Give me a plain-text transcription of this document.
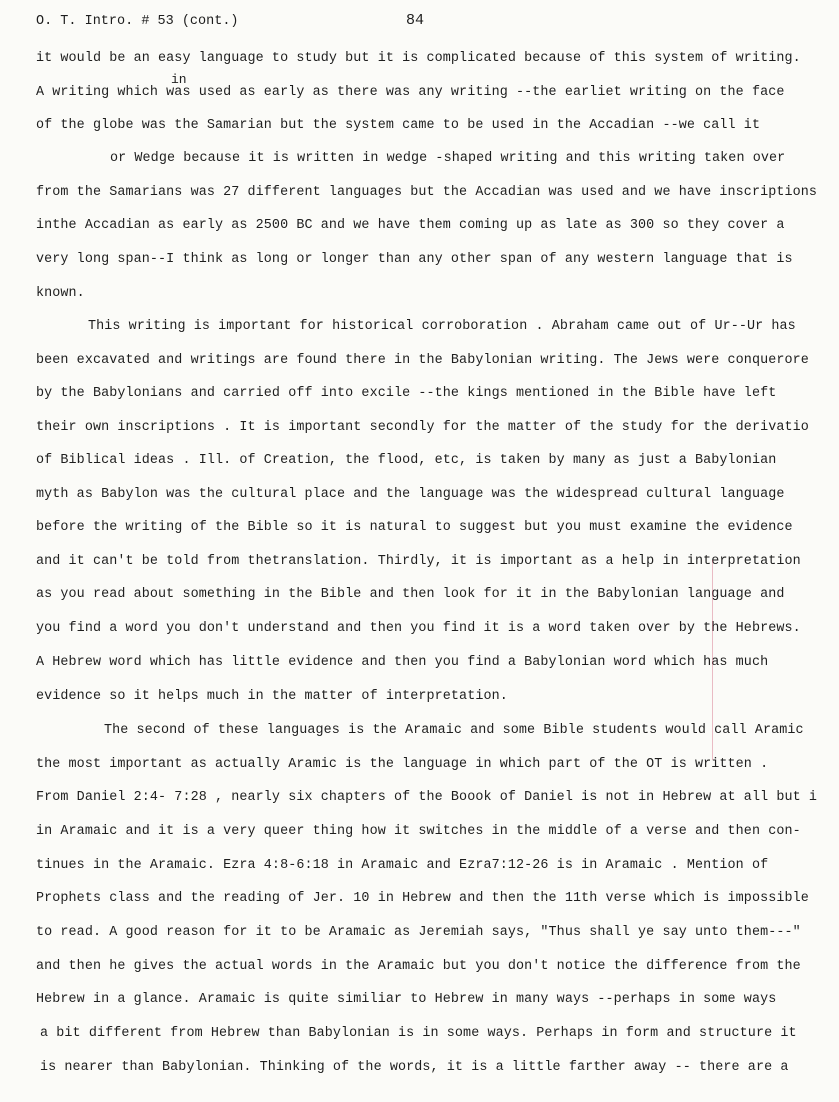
O. T. Intro. # 53 (cont.)	84
in
it would be an easy language to study but it is complicated because of this system of writing.
A writing which was used as early as there was any writing --the earliet writing on the face
of the globe was the Samarian but the system came to be used in the Accadian --we call it
or Wedge because it is written in wedge -shaped writing and this writing taken over
from the Samarians was 27 different languages but the Accadian was used and we have inscriptions
inthe Accadian as early as 2500 BC and we have them coming up as late as 300 so they cover a
very long span--I think as long or longer than any other span of any western language that is
known.
This writing is important for historical corroboration . Abraham came out of Ur--Ur has
been excavated and writings are found there in the Babylonian writing. The Jews were conquerore
by the Babylonians and carried off into excile --the kings mentioned in the Bible have left
their own inscriptions . It is important secondly for the matter of the study for the derivatio
of Biblical ideas . Ill. of Creation, the flood, etc, is taken by many as just a Babylonian
myth as Babylon was the cultural place and the language was the widespread cultural language
before the writing of the Bible so it is natural to suggest but you must examine the evidence
and it can't be told from thetranslation. Thirdly, it is important as a help in interpretation
as you read about something in the Bible and then look for it in the Babylonian language and
you find a word you don't understand and then you find it is a word taken over by the Hebrews.
A Hebrew word which has little evidence and then you find a Babylonian word which has much
evidence so it helps much in the matter of interpretation.
The second of these languages is the Aramaic and some Bible students would call Aramic
the most important as actually Aramic is the language in which part of the OT is written .
From Daniel 2:4- 7:28 , nearly six chapters of the Boook of Daniel is not in Hebrew at all but i
in Aramaic and it is a very queer thing how it switches in the middle of a verse and then con-
tinues in the Aramaic. Ezra 4:8-6:18 in Aramaic and Ezra7:12-26 is in Aramaic . Mention of
Prophets class and the reading of Jer. 10 in Hebrew and then the 11th verse which is impossible
to read. A good reason for it to be Aramaic as Jeremiah says, "Thus shall ye say unto them---"
and then he gives the actual words in the Aramaic but you don't notice the difference from the
Hebrew in a glance. Aramaic is quite similiar to Hebrew in many ways --perhaps in some ways
a bit different from Hebrew than Babylonian is in some ways. Perhaps in form and structure it
is nearer than Babylonian. Thinking of the words, it is a little farther away -- there are a
